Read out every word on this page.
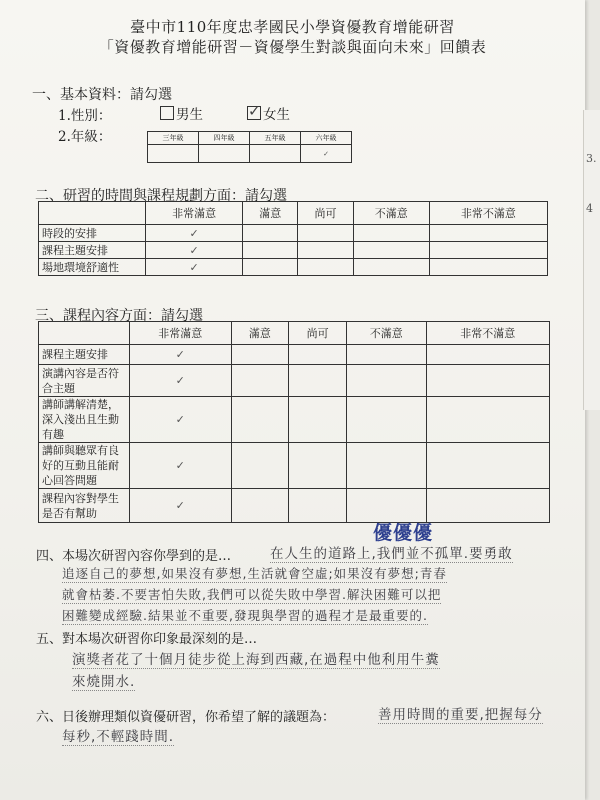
臺中市110年度忠孝國民小學資優教育增能研習
「資優教育增能研習－資優學生對談與面向未來」回饋表
一、基本資料：請勾選
1.性別：	男生	✓ 女生
2.年級：	三年級	四年級	五年級	六年級
			✓
二、研習的時間與課程規劃方面：請勾選
	非常滿意	滿意	尚可	不滿意	非常不滿意
時段的安排	✓				
課程主題安排	✓				
場地環境舒適性	✓				
三、課程內容方面：請勾選
	非常滿意	滿意	尚可	不滿意	非常不滿意
課程主題安排	✓				
演講內容是否符合主題	✓				
講師講解清楚，深入淺出且生動有趣	✓				
講師與聽眾有良好的互動且能耐心回答問題	✓				
課程內容對學生是否有幫助	✓				
優優優
四、本場次研習內容你學到的是…	在人生的道路上,我們並不孤單.要勇敢
追逐自己的夢想,如果沒有夢想,生活就會空虛;如果沒有夢想;青春
就會枯萎.不要害怕失敗,我們可以從失敗中學習.解決困難可以把
困難變成經驗.結果並不重要,發現與學習的過程才是最重要的.
五、對本場次研習你印象最深刻的是…
演獎者花了十個月徒步從上海到西藏,在過程中他利用牛糞
來燒開水.
六、日後辦理類似資優研習，你希望了解的議題為：	善用時間的重要,把握每分
每秒,不輕踐時間.
3.
4
